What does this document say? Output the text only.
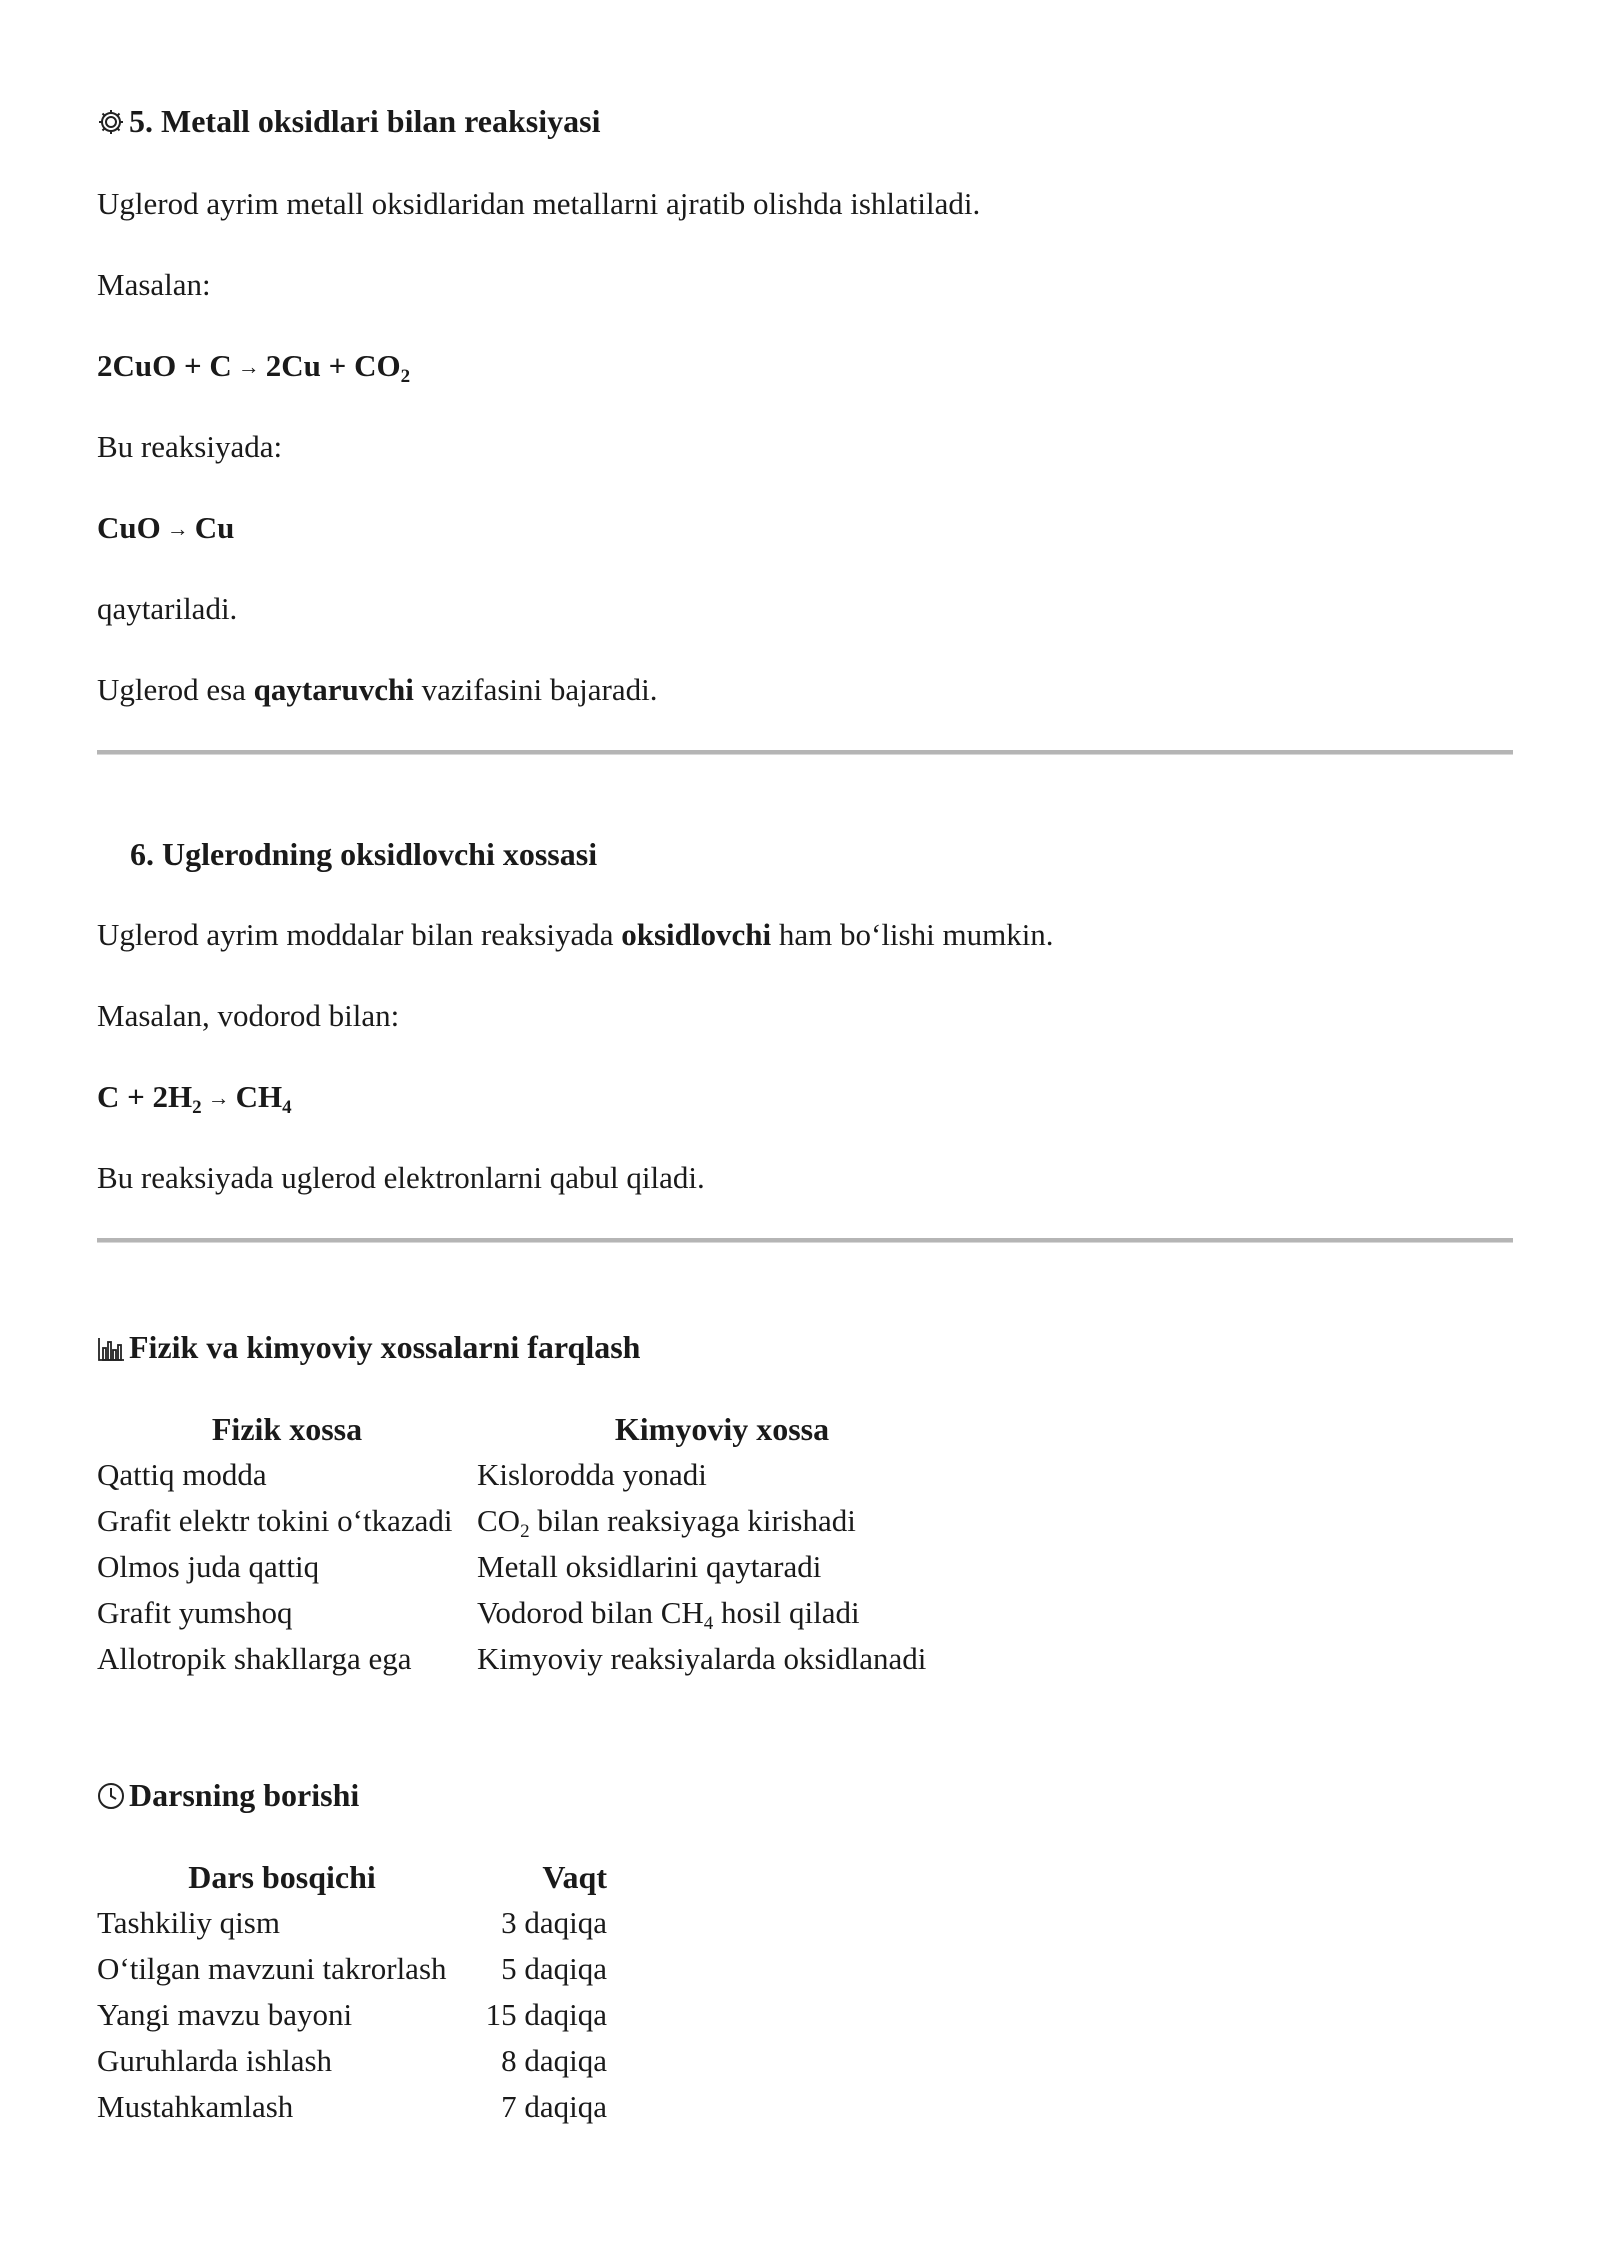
5. Metall oksidlari bilan reaksiyasi
Uglerod ayrim metall oksidlaridan metallarni ajratib olishda ishlatiladi.
Masalan:
$2CuO + C \to 2Cu + CO_2$
Bu reaksiyada:
CuO → Cu
qaytariladi.
Uglerod esa qaytaruvchi vazifasini bajaradi.
6. Uglerodning oksidlovchi xossasi
Uglerod ayrim moddalar bilan reaksiyada oksidlovchi ham bo‘lishi mumkin.
Masalan, vodorod bilan:
$C + 2H_2 \to CH_4$
Bu reaksiyada uglerod elektronlarni qabul qiladi.
Fizik va kimyoviy xossalarni farqlash
Fizik xossa	Kimyoviy xossa
Qattiq modda	Kislorodda yonadi
Grafit elektr tokini o‘tkazadi	$CO_2$ bilan reaksiyaga kirishadi
Olmos juda qattiq	Metall oksidlarini qaytaradi
Grafit yumshoq	Vodorod bilan $CH_4$ hosil qiladi
Allotropik shakllarga ega	Kimyoviy reaksiyalarda oksidlanadi
Darsning borishi
Dars bosqichi	Vaqt
Tashkiliy qism	3 daqiqa
O‘tilgan mavzuni takrorlash	5 daqiqa
Yangi mavzu bayoni	15 daqiqa
Guruhlarda ishlash	8 daqiqa
Mustahkamlash	7 daqiqa
